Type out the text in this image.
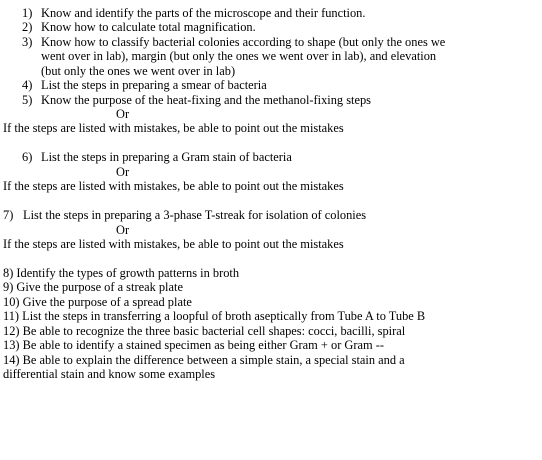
1) Know and identify the parts of the microscope and their function.
2) Know how to calculate total magnification.
3) Know how to classify bacterial colonies according to shape (but only the ones we
went over in lab), margin (but only the ones we went over in lab), and elevation
(but only the ones we went over in lab)
4) List the steps in preparing a smear of bacteria
5) Know the purpose of the heat-fixing and the methanol-fixing steps
Or
If the steps are listed with mistakes, be able to point out the mistakes
6) List the steps in preparing a Gram stain of bacteria
Or
If the steps are listed with mistakes, be able to point out the mistakes
7) List the steps in preparing a 3-phase T-streak for isolation of colonies
Or
If the steps are listed with mistakes, be able to point out the mistakes
8) Identify the types of growth patterns in broth
9) Give the purpose of a streak plate
10) Give the purpose of a spread plate
11) List the steps in transferring a loopful of broth aseptically from Tube A to Tube B
12) Be able to recognize the three basic bacterial cell shapes: cocci, bacilli, spiral
13) Be able to identify a stained specimen as being either Gram + or Gram --
14) Be able to explain the difference between a simple stain, a special stain and a
differential stain and know some examples
